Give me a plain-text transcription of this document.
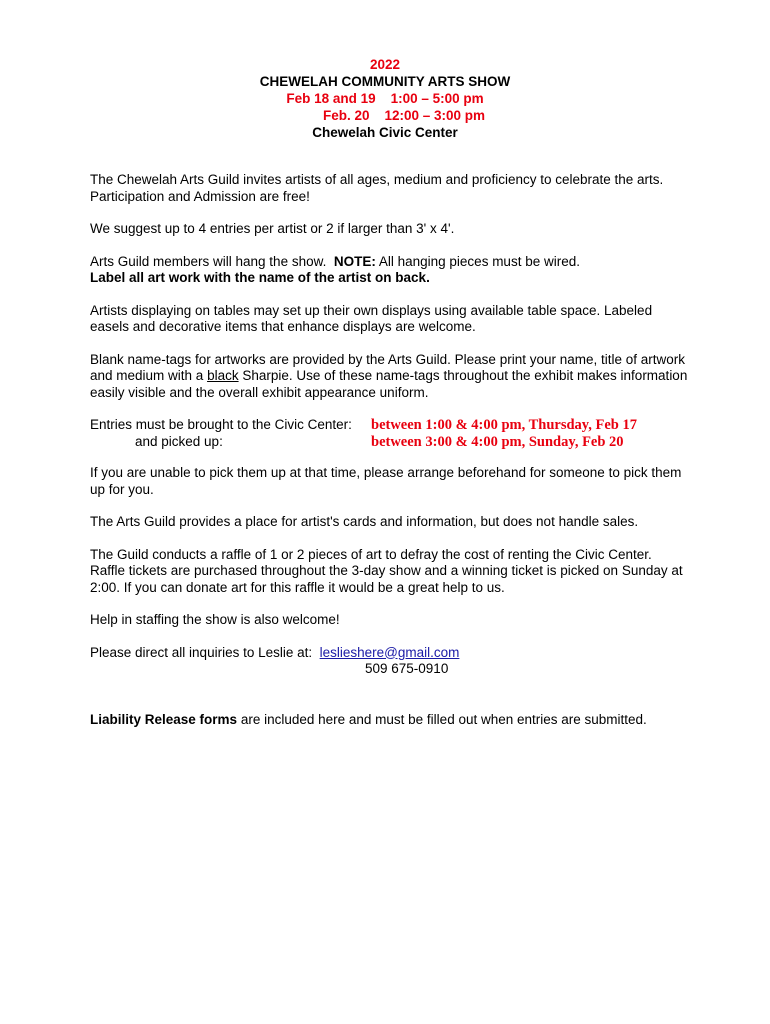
2022
CHEWELAH COMMUNITY ARTS SHOW
Feb 18 and 19    1:00 – 5:00 pm
Feb. 20    12:00 – 3:00 pm
Chewelah Civic Center

The Chewelah Arts Guild invites artists of all ages, medium and proficiency to celebrate the arts. Participation and Admission are free!

We suggest up to 4 entries per artist or 2 if larger than 3' x 4'.

Arts Guild members will hang the show.  NOTE: All hanging pieces must be wired.
Label all art work with the name of the artist on back.

Artists displaying on tables may set up their own displays using available table space. Labeled easels and decorative items that enhance displays are welcome.

Blank name-tags for artworks are provided by the Arts Guild. Please print your name, title of artwork and medium with a black Sharpie. Use of these name-tags throughout the exhibit makes information easily visible and the overall exhibit appearance uniform.

Entries must be brought to the Civic Center: between 1:00 & 4:00 pm, Thursday, Feb 17
and picked up:	between 3:00 & 4:00 pm, Sunday, Feb 20

If you are unable to pick them up at that time, please arrange beforehand for someone to pick them up for you.

The Arts Guild provides a place for artist's cards and information, but does not handle sales.

The Guild conducts a raffle of 1 or 2 pieces of art to defray the cost of renting the Civic Center. Raffle tickets are purchased throughout the 3-day show and a winning ticket is picked on Sunday at 2:00. If you can donate art for this raffle it would be a great help to us.

Help in staffing the show is also welcome!

Please direct all inquiries to Leslie at:  leslieshere@gmail.com
509 675-0910

Liability Release forms are included here and must be filled out when entries are submitted.
